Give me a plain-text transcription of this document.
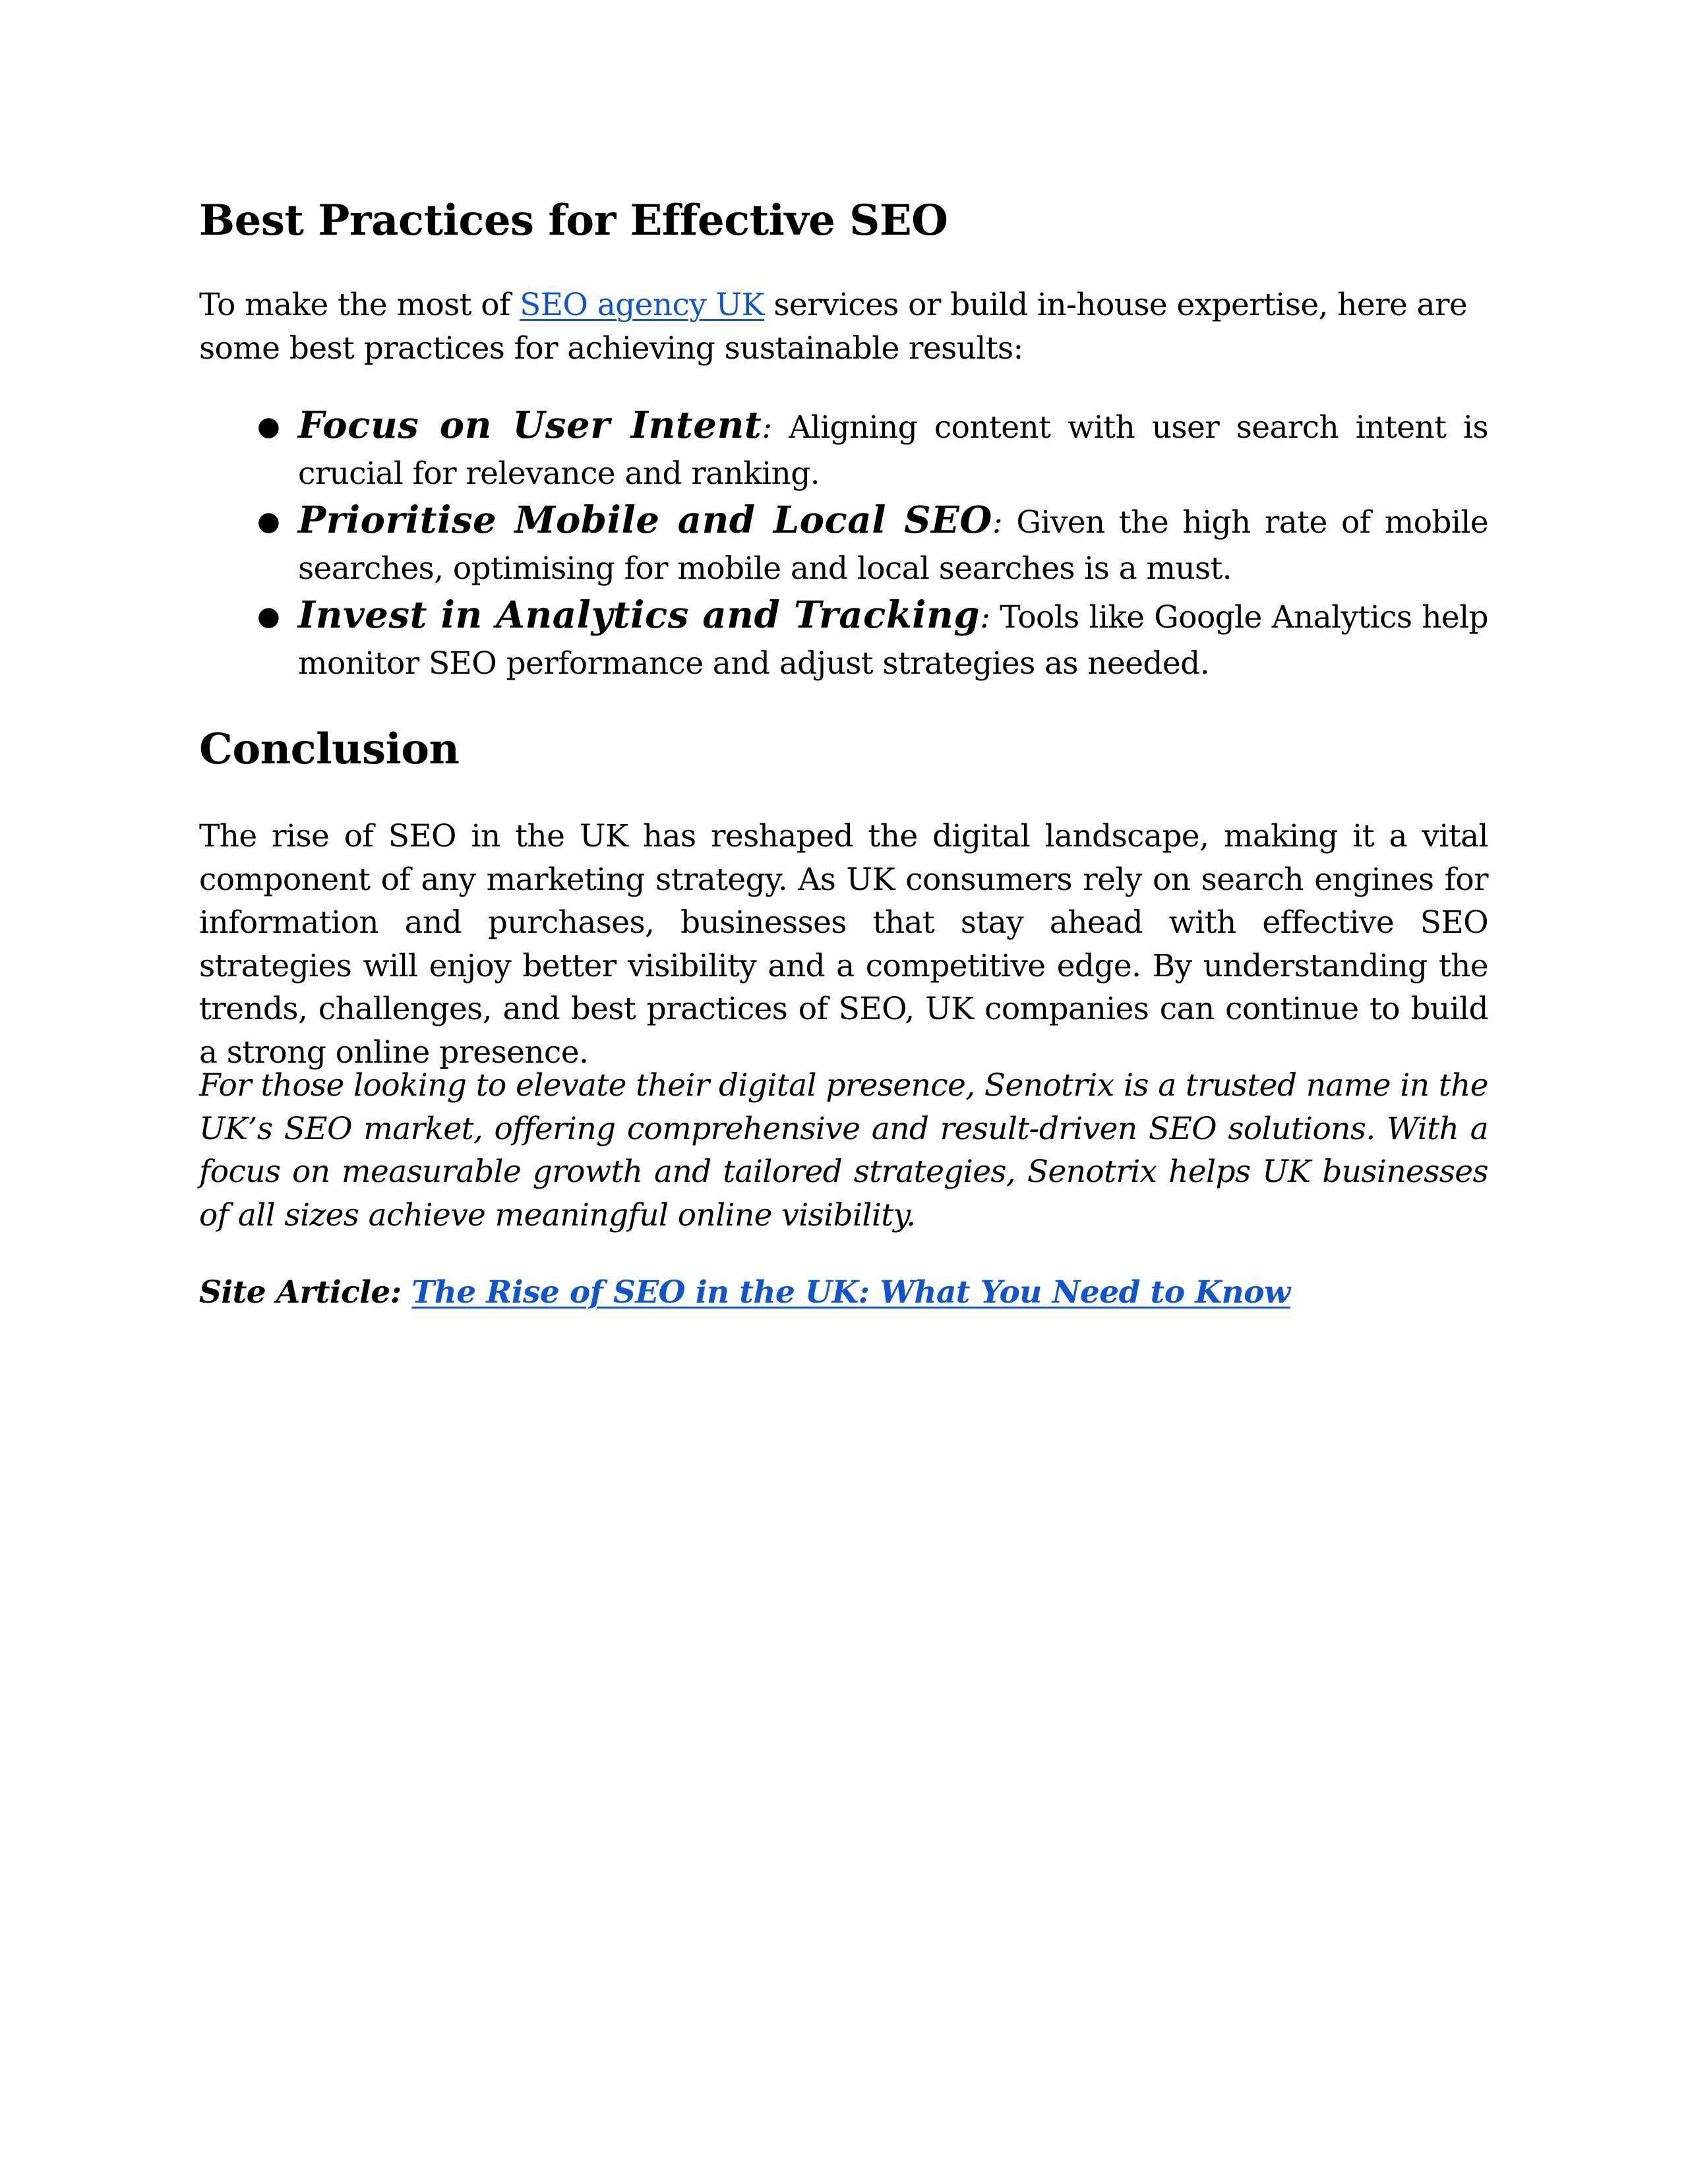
Best Practices for Effective SEO

To make the most of SEO agency UK services or build in-house expertise, here are some best practices for achieving sustainable results:

● Focus on User Intent: Aligning content with user search intent is crucial for relevance and ranking.
● Prioritise Mobile and Local SEO: Given the high rate of mobile searches, optimising for mobile and local searches is a must.
● Invest in Analytics and Tracking: Tools like Google Analytics help monitor SEO performance and adjust strategies as needed.
Conclusion

The rise of SEO in the UK has reshaped the digital landscape, making it a vital component of any marketing strategy. As UK consumers rely on search engines for information and purchases, businesses that stay ahead with effective SEO strategies will enjoy better visibility and a competitive edge. By understanding the trends, challenges, and best practices of SEO, UK companies can continue to build a strong online presence.

For those looking to elevate their digital presence, Senotrix is a trusted name in the UK’s SEO market, offering comprehensive and result-driven SEO solutions. With a focus on measurable growth and tailored strategies, Senotrix helps UK businesses of all sizes achieve meaningful online visibility.

Site Article: The Rise of SEO in the UK: What You Need to Know
